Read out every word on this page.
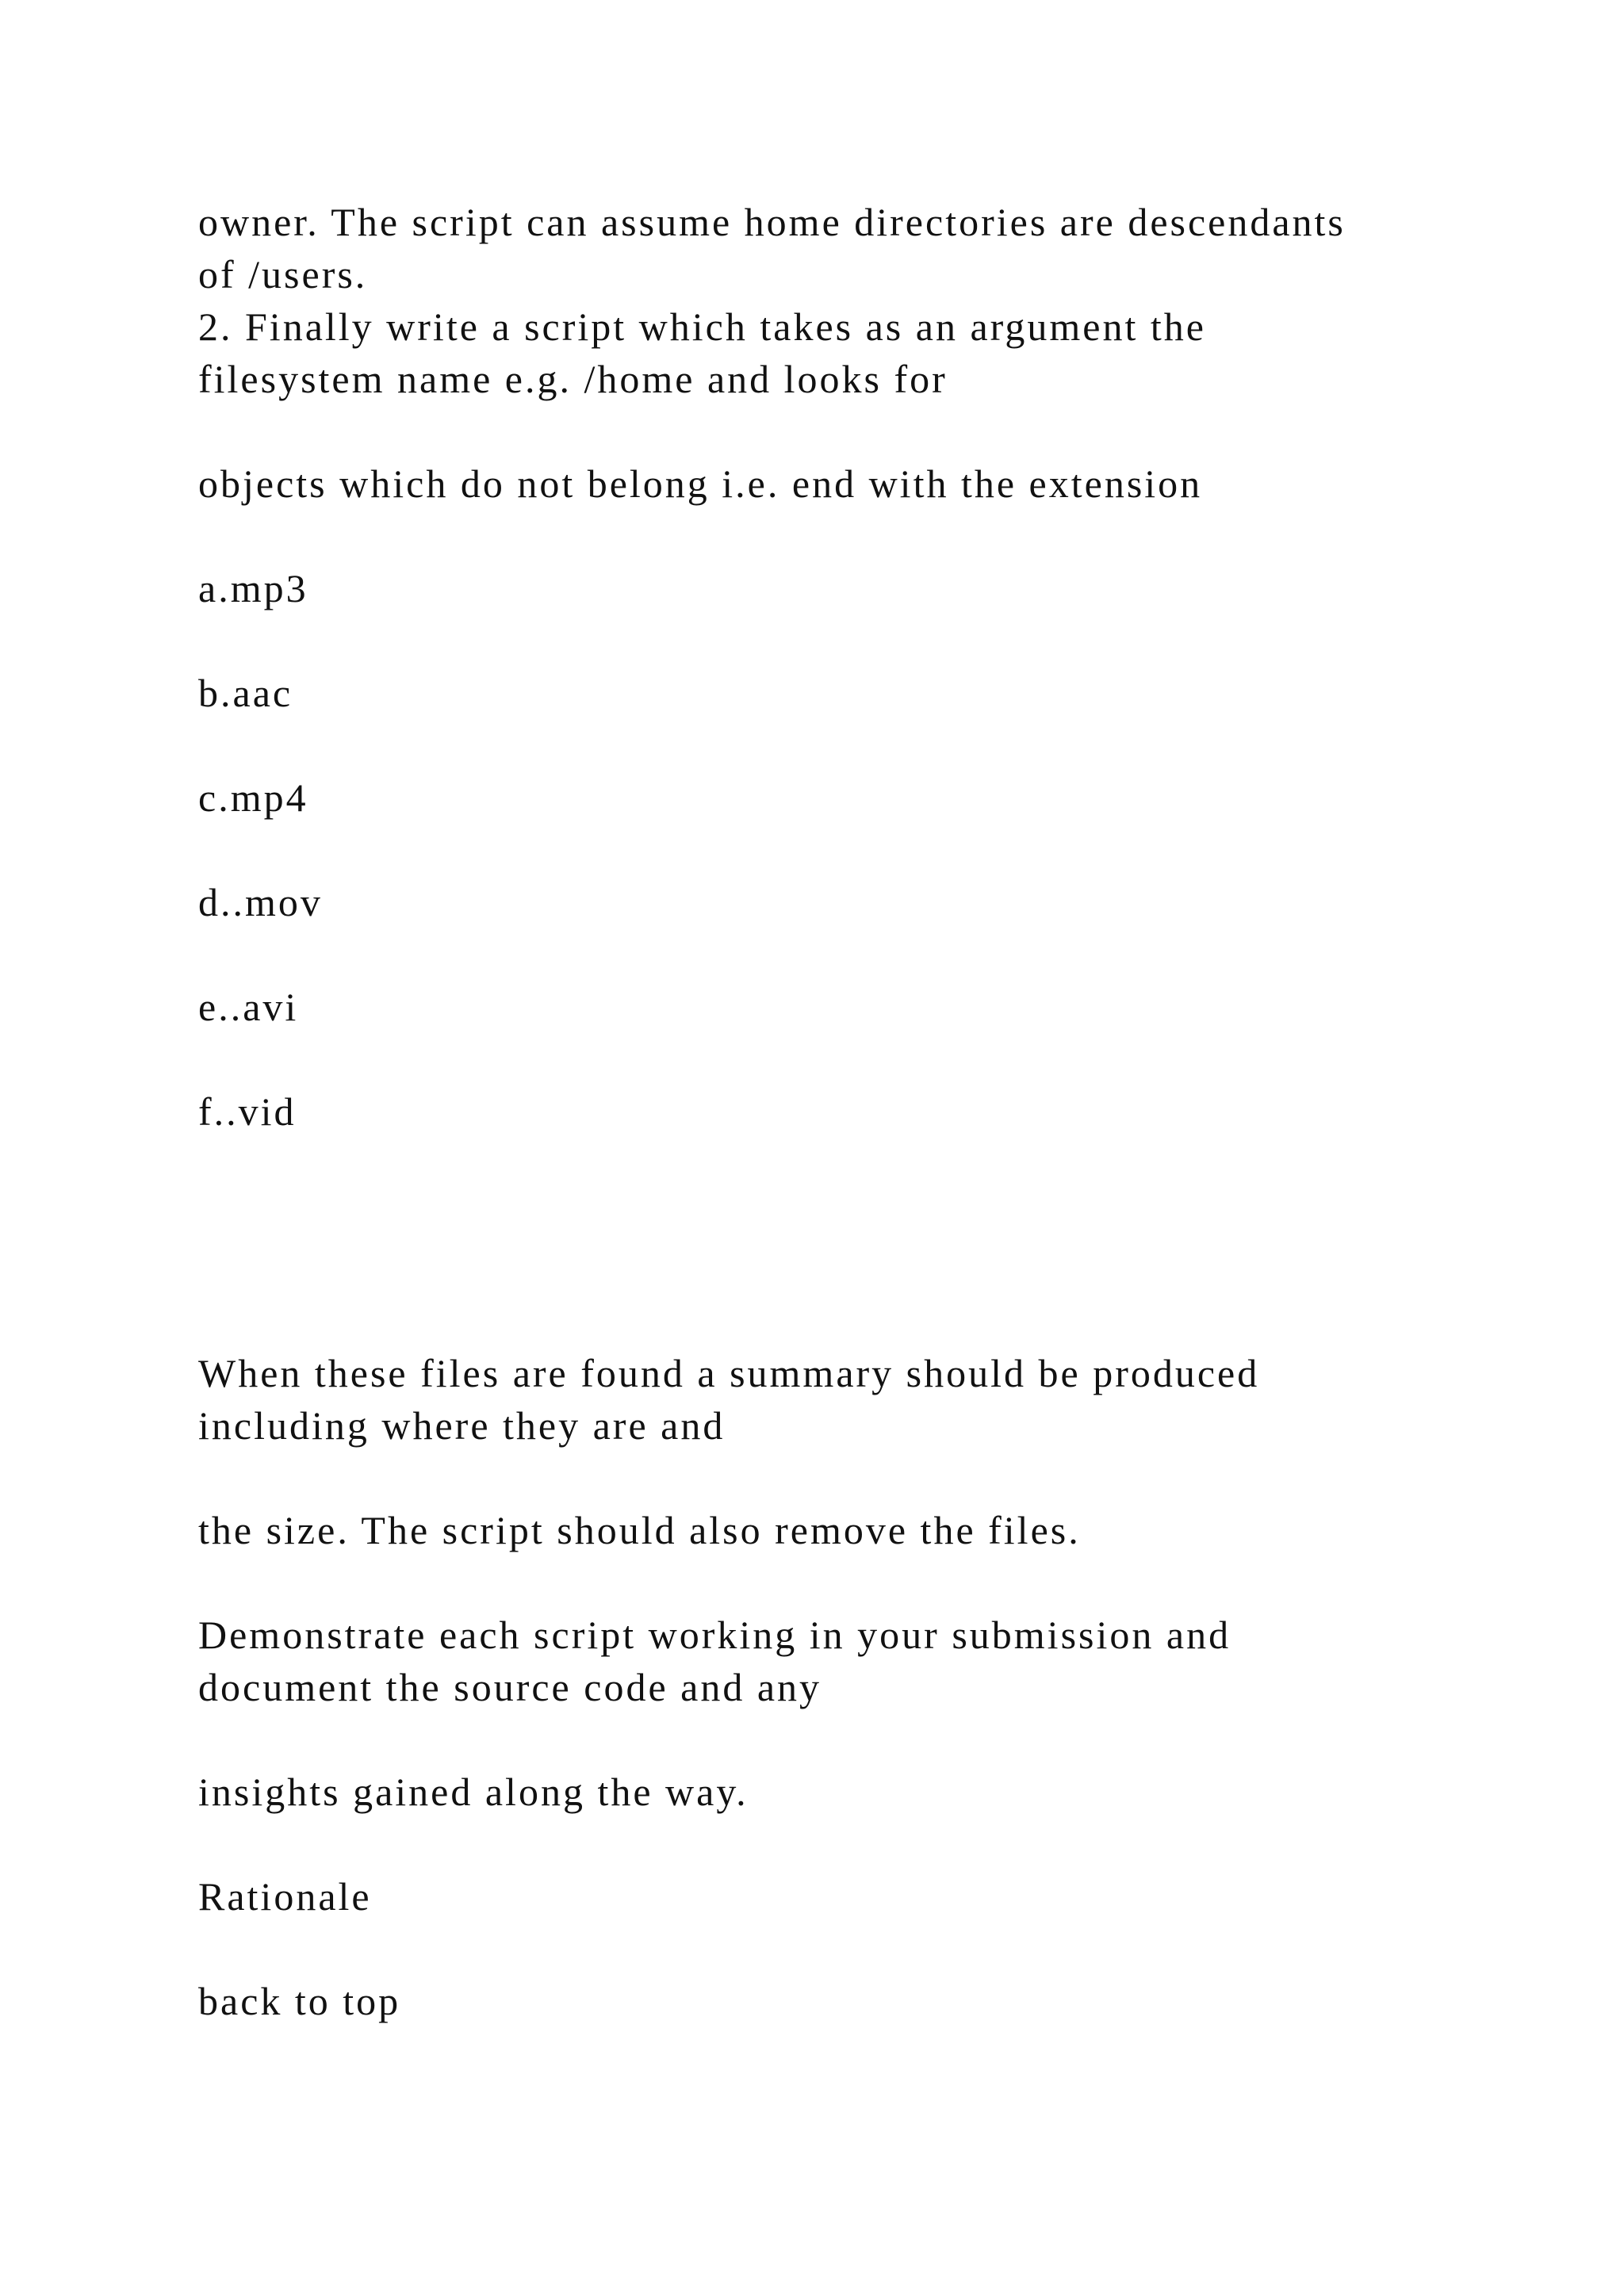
owner. The script can assume home directories are descendants

of /users.

2. Finally write a script which takes as an argument the

filesystem name e.g. /home and looks for

objects which do not belong i.e. end with the extension

a.mp3

b.aac

c.mp4

d..mov

e..avi

f..vid

When these files are found a summary should be produced

including where they are and

the size. The script should also remove the files.

Demonstrate each script working in your submission and

document the source code and any

insights gained along the way.

Rationale

back to top
